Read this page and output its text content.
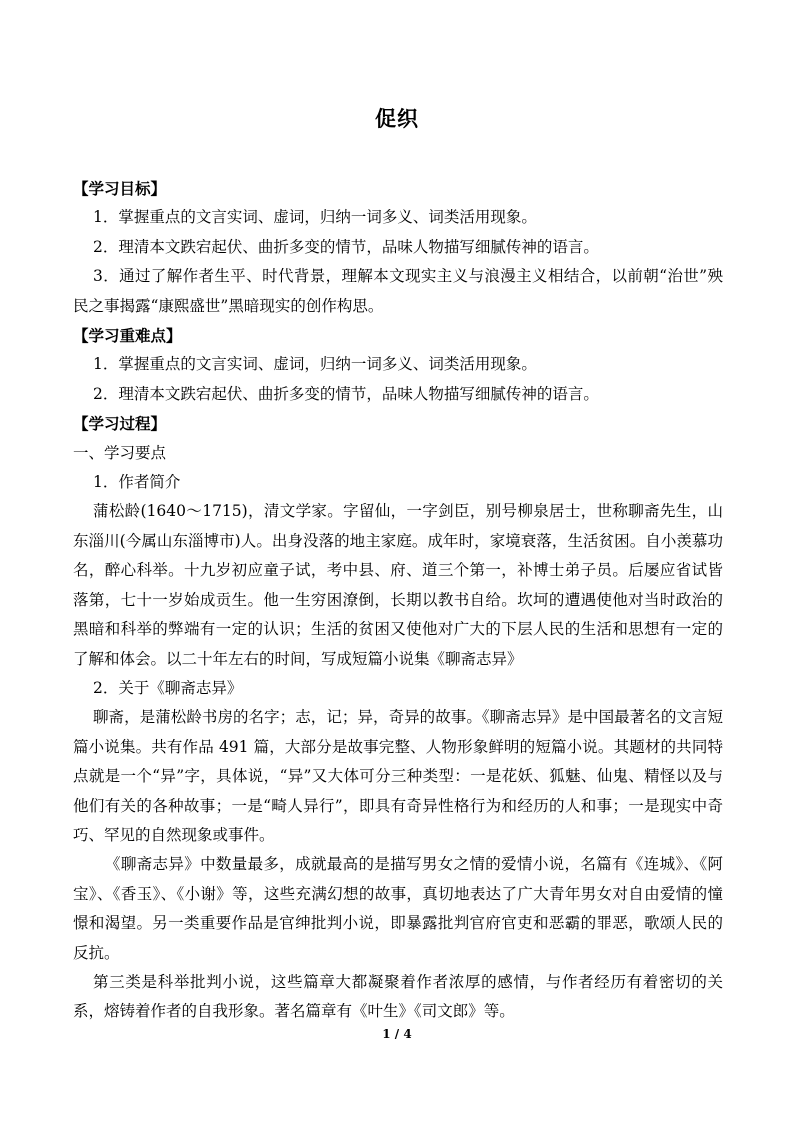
促织

【学习目标】

1．掌握重点的文言实词、虚词，归纳一词多义、词类活用现象。

2．理清本文跌宕起伏、曲折多变的情节，品味人物描写细腻传神的语言。

3．通过了解作者生平、时代背景，理解本文现实主义与浪漫主义相结合，以前朝“治世”殃民之事揭露“康熙盛世”黑暗现实的创作构思。

【学习重难点】

1．掌握重点的文言实词、虚词，归纳一词多义、词类活用现象。

2．理清本文跌宕起伏、曲折多变的情节，品味人物描写细腻传神的语言。

【学习过程】

一、学习要点

1．作者简介

蒲松龄(1640～1715)，清文学家。字留仙，一字剑臣，别号柳泉居士，世称聊斋先生，山东淄川(今属山东淄博市)人。出身没落的地主家庭。成年时，家境衰落，生活贫困。自小羡慕功名，醉心科举。十九岁初应童子试，考中县、府、道三个第一，补博士弟子员。后屡应省试皆落第，七十一岁始成贡生。他一生穷困潦倒，长期以教书自给。坎坷的遭遇使他对当时政治的黑暗和科举的弊端有一定的认识；生活的贫困又使他对广大的下层人民的生活和思想有一定的了解和体会。以二十年左右的时间，写成短篇小说集《聊斋志异》

2．关于《聊斋志异》

聊斋，是蒲松龄书房的名字；志，记；异，奇异的故事。《聊斋志异》是中国最著名的文言短篇小说集。共有作品 491 篇，大部分是故事完整、人物形象鲜明的短篇小说。其题材的共同特点就是一个“异”字，具体说，“异”又大体可分三种类型：一是花妖、狐魅、仙鬼、精怪以及与他们有关的各种故事；一是“畸人异行”，即具有奇异性格行为和经历的人和事；一是现实中奇巧、罕见的自然现象或事件。

《聊斋志异》中数量最多，成就最高的是描写男女之情的爱情小说，名篇有《连城》、《阿宝》、《香玉》、《小谢》等，这些充满幻想的故事，真切地表达了广大青年男女对自由爱情的憧憬和渴望。另一类重要作品是官绅批判小说，即暴露批判官府官吏和恶霸的罪恶，歌颂人民的反抗。

第三类是科举批判小说，这些篇章大都凝聚着作者浓厚的感情，与作者经历有着密切的关系，熔铸着作者的自我形象。著名篇章有《叶生》《司文郎》等。

1 / 4
